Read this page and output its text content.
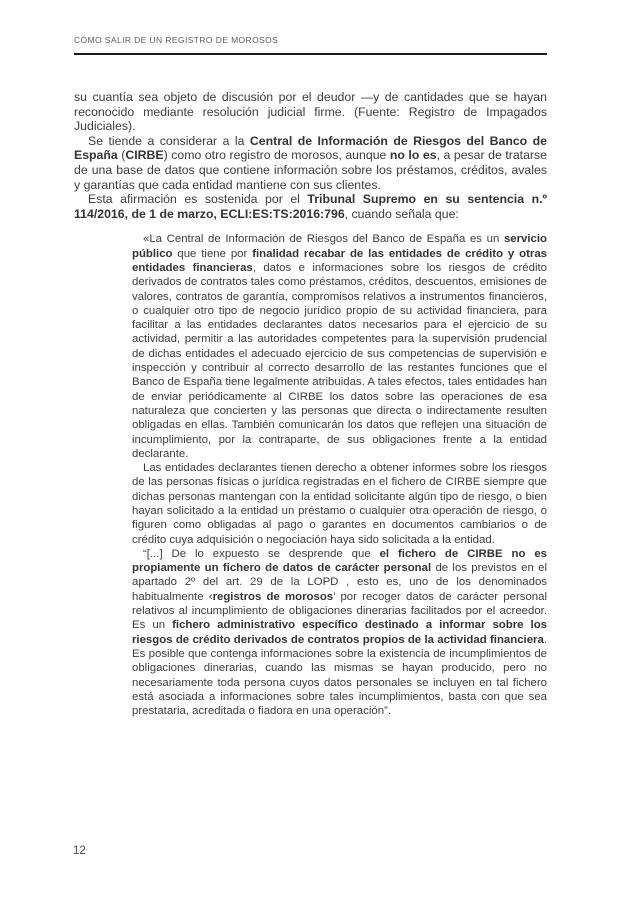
CÓMO SALIR DE UN REGISTRO DE MOROSOS

su cuantía sea objeto de discusión por el deudor —y de cantidades que se hayan reconocido mediante resolución judicial firme. (Fuente: Registro de Impagados Judiciales).

Se tiende a considerar a la Central de Información de Riesgos del Banco de España (CIRBE) como otro registro de morosos, aunque no lo es, a pesar de tratarse de una base de datos que contiene información sobre los préstamos, créditos, avales y garantías que cada entidad mantiene con sus clientes.

Esta afirmación es sostenida por el Tribunal Supremo en su sentencia n.º 114/2016, de 1 de marzo, ECLI:ES:TS:2016:796, cuando señala que:

«La Central de Información de Riesgos del Banco de España es un servicio público que tiene por finalidad recabar de las entidades de crédito y otras entidades financieras, datos e informaciones sobre los riesgos de crédito derivados de contratos tales como préstamos, créditos, descuentos, emisiones de valores, contratos de garantía, compromisos relativos a instrumentos financieros, o cualquier otro tipo de negocio jurídico propio de su actividad financiera, para facilitar a las entidades declarantes datos necesarios para el ejercicio de su actividad, permitir a las autoridades competentes para la supervisión prudencial de dichas entidades el adecuado ejercicio de sus competencias de supervisión e inspección y contribuir al correcto desarrollo de las restantes funciones que el Banco de España tiene legalmente atribuidas. A tales efectos, tales entidades han de enviar periódicamente al CIRBE los datos sobre las operaciones de esa naturaleza que concierten y las personas que directa o indirectamente resulten obligadas en ellas. También comunicarán los datos que reflejen una situación de incumplimiento, por la contraparte, de sus obligaciones frente a la entidad declarante.

Las entidades declarantes tienen derecho a obtener informes sobre los riesgos de las personas físicas o jurídica registradas en el fichero de CIRBE siempre que dichas personas mantengan con la entidad solicitante algún tipo de riesgo, o bien hayan solicitado a la entidad un préstamo o cualquier otra operación de riesgo, o figuren como obligadas al pago o garantes en documentos cambiarios o de crédito cuya adquisición o negociación haya sido solicitada a la entidad.

“[...] De lo expuesto se desprende que el fichero de CIRBE no es propiamente un fichero de datos de carácter personal de los previstos en el apartado 2º del art. 29 de la LOPD , esto es, uno de los denominados habitualmente ‹registros de morosos’ por recoger datos de carácter personal relativos al incumplimiento de obligaciones dinerarias facilitados por el acreedor. Es un fichero administrativo específico destinado a informar sobre los riesgos de crédito derivados de contratos propios de la actividad financiera. Es posible que contenga informaciones sobre la existencia de incumplimientos de obligaciones dinerarias, cuando las mismas se hayan producido, pero no necesariamente toda persona cuyos datos personales se incluyen en tal fichero está asociada a informaciones sobre tales incumplimientos, basta con que sea prestataria, acreditada o fiadora en una operación”.

12
